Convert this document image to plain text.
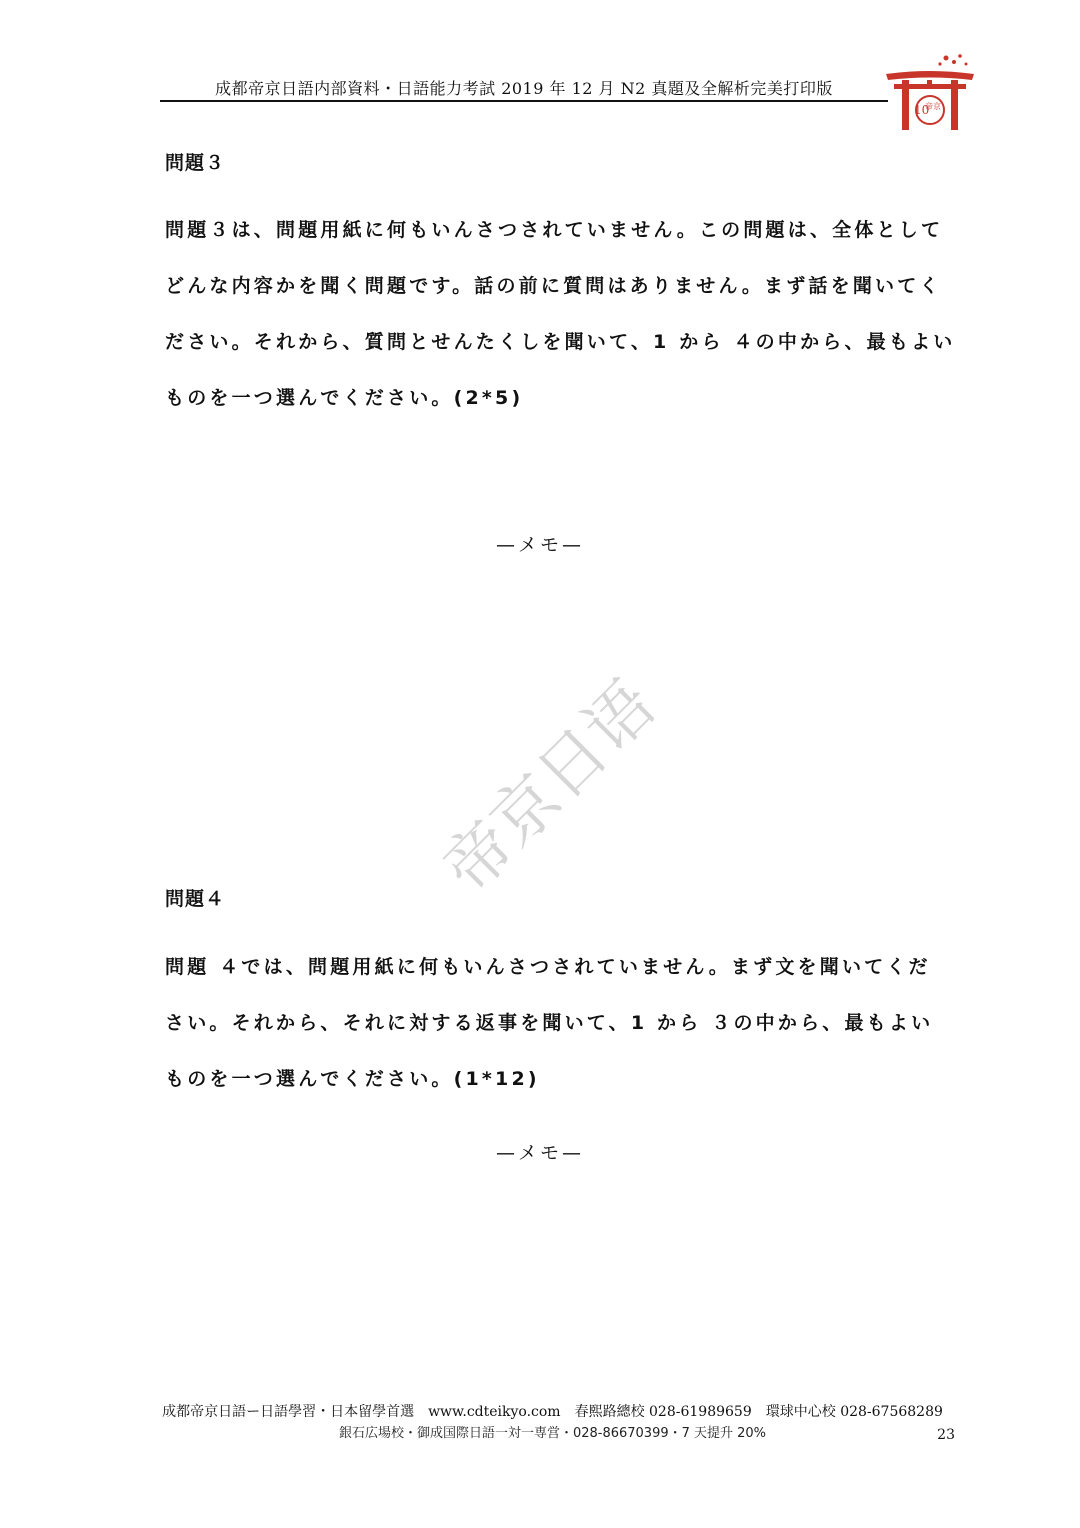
成都帝京日語内部資料・日語能力考試 2019 年 12 月 N2 真題及全解析完美打印版
10
帝京
問題３

問題３は、問題用紙に何もいんさつされていません。この問題は、全体として
どんな内容かを聞く問題です。話の前に質問はありません。まず話を聞いてく
ださい。それから、質問とせんたくしを聞いて、1 から ４の中から、最もよい
ものを一つ選んでください。(2*5)

—メモ—
帝京日语
問題４

問題 ４では、問題用紙に何もいんさつされていません。まず文を聞いてくだ
さい。それから、それに対する返事を聞いて、1 から ３の中から、最もよい
ものを一つ選んでください。(1*12)

—メモ—
成都帝京日語ー日語學習・日本留學首選　www.cdteikyo.com　春熙路總校 028-61989659　環球中心校 028-67568289
銀石広場校・御成国際日語一対一専営・028-86670399・7 天提升 20%	23
